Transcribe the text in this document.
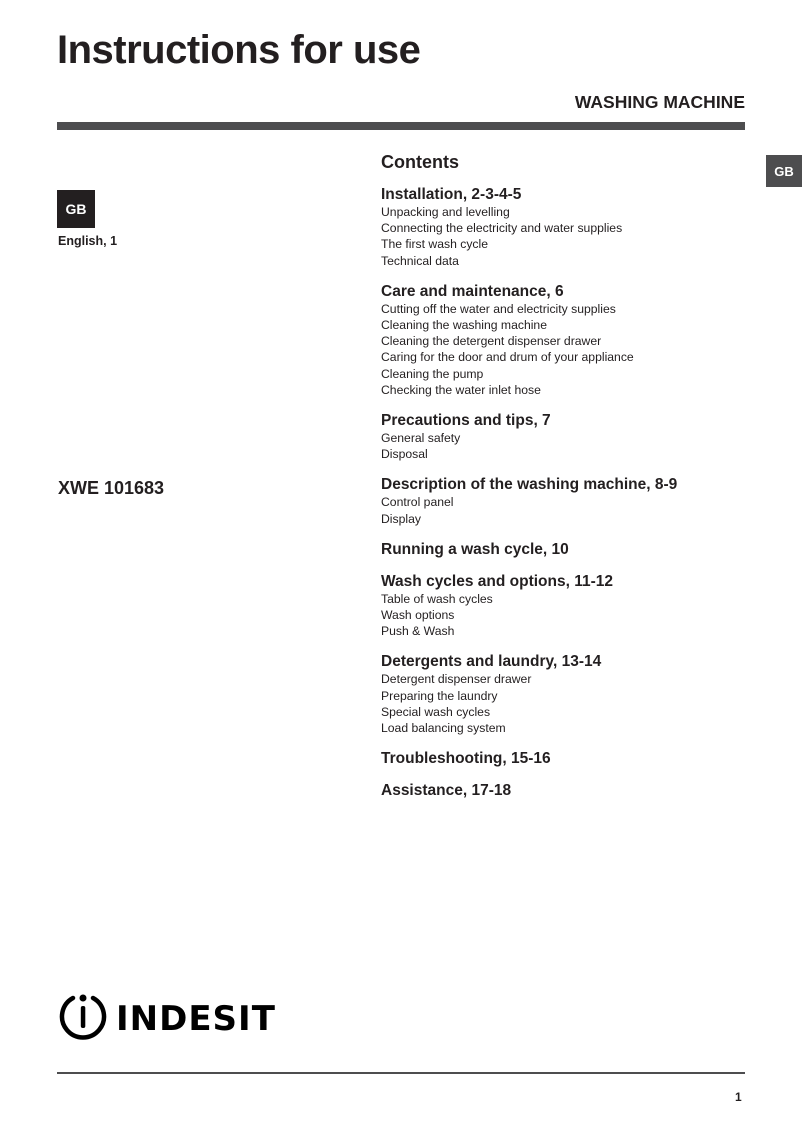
Instructions for use
WASHING MACHINE
GB
GB
English, 1
XWE 101683
Contents
Installation, 2-3-4-5
Unpacking and levelling
Connecting the electricity and water supplies
The first wash cycle
Technical data
Care and maintenance, 6
Cutting off the water and electricity supplies
Cleaning the washing machine
Cleaning the detergent dispenser drawer
Caring for the door and drum of your appliance
Cleaning the pump
Checking the water inlet hose
Precautions and tips, 7
General safety
Disposal
Description of the washing machine, 8-9
Control panel
Display
Running a wash cycle, 10
Wash cycles and options, 11-12
Table of wash cycles
Wash options
Push & Wash
Detergents and laundry, 13-14
Detergent dispenser drawer
Preparing the laundry
Special wash cycles
Load balancing system
Troubleshooting, 15-16
Assistance, 17-18
INDESIT
1
